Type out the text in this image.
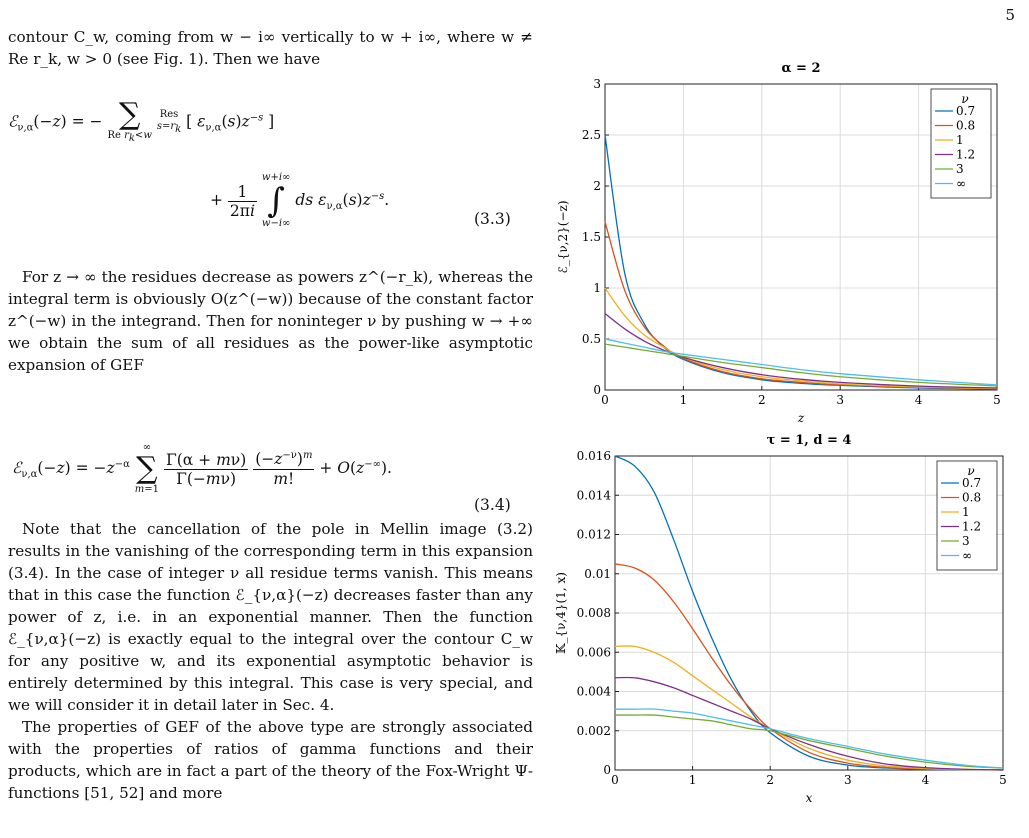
5

contour C_w, coming from w − i∞ vertically to w + i∞, where w ≠ Re r_k, w > 0 (see Fig. 1). Then we have

ℰ$_{\nu,\alpha}$(−z) = − ∑
Re $r_k<w$

Res
$s=r_k$ [ $\varepsilon_{\nu,\alpha}(s)z^{-s}$ ]
+ $\frac{1}{2\pi i}$

w+i∞
∫
w−i∞
ds $\varepsilon_{\nu,\alpha}(s)z^{-s}$.
(3.3)

For z → ∞ the residues decrease as powers z^(−r_k), whereas the integral term is obviously O(z^(−w)) because of the constant factor z^(−w) in the integrand. Then for noninteger ν by pushing w → +∞ we obtain the sum of all residues as the power-like asymptotic expansion of GEF

ℰ$_{\nu,\alpha}$(−z) = $-z^{-\alpha}$
∞
∑
m=1

$\frac{\Gamma(\alpha + m\nu)}{\Gamma(-m\nu)}$
$\frac{(-z^{-\nu})^m}{m!} + O(z^{-\infty})$.
(3.4)

Note that the cancellation of the pole in Mellin image (3.2) results in the vanishing of the corresponding term in this expansion (3.4). In the case of integer ν all residue terms vanish. This means that in this case the function ℰ_{ν,α}(−z) decreases faster than any power of z, i.e. in an exponential manner. Then the function ℰ_{ν,α}(−z) is exactly equal to the integral over the contour C_w for any positive w, and its exponential asymptotic behavior is entirely determined by this integral. This case is very special, and we will consider it in detail later in Sec. 4.

The properties of GEF of the above type are strongly associated with the properties of ratios of gamma functions and their products, which are in fact a part of the theory of the Fox-Wright Ψ-functions [51, 52] and more

α = 2
0	1	2	3	4	5
0
0.5
1
1.5
2
2.5
3
z
ℰ_{ν,2}(−z)
ν
0.7
0.8
1
1.2
3
∞
τ = 1, d = 4
0	1	2	3	4	5
0
0.002
0.004
0.006
0.008
0.01
0.012
0.014
0.016
x
𝕂_{ν,4}(1, x)
ν
0.7
0.8
1
1.2
3
∞
